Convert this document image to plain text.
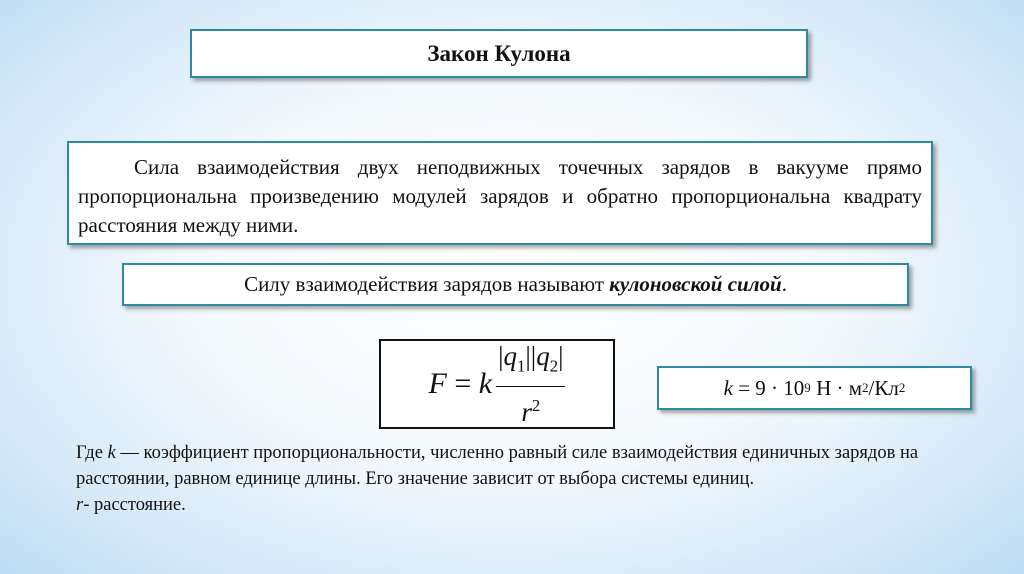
Закон Кулона

Сила взаимодействия двух неподвижных точечных зарядов в вакууме прямо пропорциональна произведению модулей зарядов и обратно пропорциональна квадрату расстояния между ними.

Силу взаимодействия зарядов называют кулоновской силой .
F = k $\frac{|q_1||q_2|}{r^2}$	k = 9 · 10 9 Н · м 2 /Кл 2

Где k — коэффициент пропорциональности, численно равный силе взаимодействия единичных зарядов на расстоянии, равном единице длины. Его значение зависит от выбора системы единиц.

r- расстояние.
